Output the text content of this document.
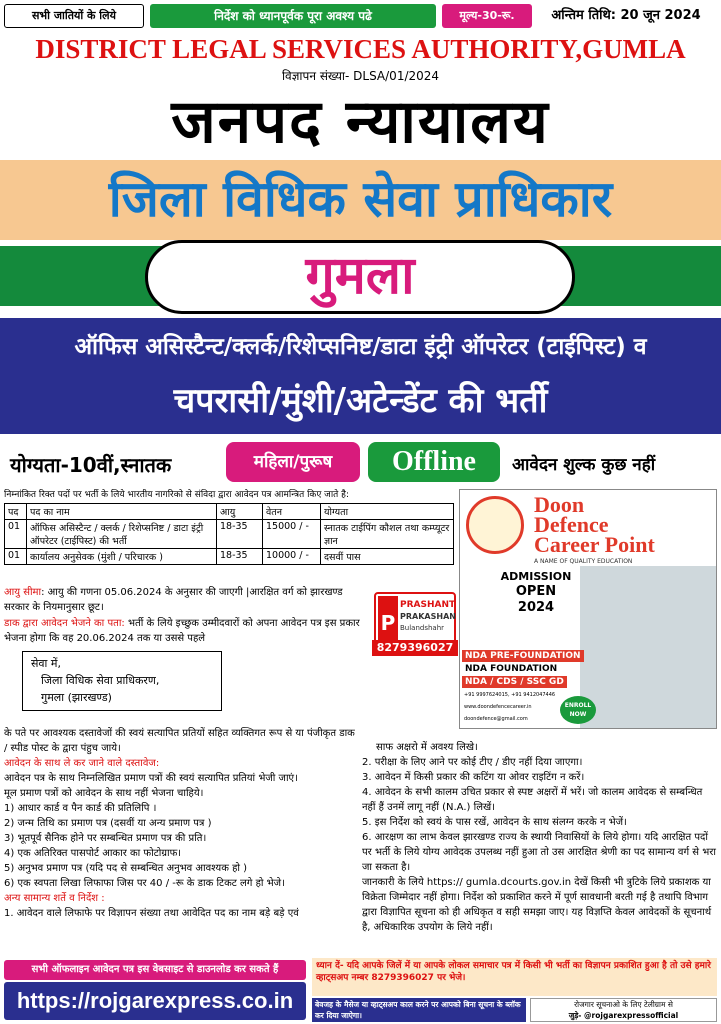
सभी जातियों के लिये	निर्देश को ध्यानपूर्वक पूरा अवश्य पढे	मूल्य-30-रू.	अन्तिम तिथि: 20 जून 2024
DISTRICT LEGAL SERVICES AUTHORITY,GUMLA
विज्ञापन संख्या- DLSA/01/2024
जनपद न्यायालय
जिला विधिक सेवा प्राधिकार
गुमला
ऑफिस असिस्टैन्ट/क्लर्क/रिशेप्सनिष्ट/डाटा इंट्री ऑपरेटर (टाईपिस्ट) व
चपरासी/मुंशी/अटेन्डेंट की भर्ती
योग्यता-10वीं,स्नातक	महिला/पुरूष	Offline	आवेदन शुल्क कुछ नहीं
निम्नांकित रिक्त पदों पर भर्ती के लिये भारतीय नागरिको से संविदा द्वारा आवेदन पत्र आमन्त्रित किए जाते है:
पद	पद का नाम	आयु	वेतन	योग्यता
01	ऑफिस असिस्टैन्ट / क्लर्क / रिशेप्सनिष्ट / डाटा इंट्री ऑपरेटर (टाईपिस्ट) की भर्ती	18-35	15000 / -	स्नातक टाईपिंग कौशल तथा कम्प्यूटर ज्ञान
01	कार्यालय अनुसेवक (मुंशी / परिचारक )	18-35	10000 / -	दसवीं पास
आयु सीमा: आयु की गणना 05.06.2024 के अनुसार की जाएगी |आरक्षित वर्ग को झारखण्ड सरकार के नियमानुसार छूट।
डाक द्वारा आवेदन भेजने का पता: भर्ती के लिये इच्छुक उम्मीदवारों को अपना आवेदन पत्र इस प्रकार भेजना होगा कि वह 20.06.2024 तक या उससे पहले
सेवा में,
जिला विधिक सेवा प्राधिकरण,
गुमला (झारखण्ड)
P
PRASHANT
PRAKASHAN
Bulandshahr
8279396027
Doon
Defence
Career Point
A NAME OF QUALITY EDUCATION
ADMISSION
OPEN
2024
NDA PRE-FOUNDATION
NDA FOUNDATION
NDA / CDS / SSC GD
+91 9997624015, +91 9412047446
www.doondefencecareer.in
doondefence@gmail.com
ENROLL NOW
के पते पर आवश्यक दस्तावेजों की स्वयं सत्यापित प्रतियों सहित व्यक्तिगत रूप से या पंजीकृत डाक / स्पीड पोस्ट के द्वारा पंहुच जाये।
आवेदन के साथ ले कर जाने वाले दस्तावेज:
आवेदन पत्र के साथ निम्नलिखित प्रमाण पत्रों की स्वयं सत्यापित प्रतियां भेजी जाएं।
मूल प्रमाण पत्रों को आवेदन के साथ नहीं भेजना चाहिये।
1) आधार कार्ड व पैन कार्ड की प्रतिलिपि ।
2) जन्म तिथि का प्रमाण पत्र (दसवीं या अन्य प्रमाण पत्र )
3) भूतपूर्व सैनिक होने पर सम्बन्धित प्रमाण पत्र की प्रति।
4) एक अतिरिक्त पासपोर्ट आकार का फोटोग्राफ।
5) अनुभव प्रमाण पत्र (यदि पद से सम्बन्धित अनुभव आवश्यक हो )
6) एक स्वपता लिखा लिफाफा जिस पर 40 / -रू के डाक टिकट लगे हो भेजे।
अन्य सामान्य शर्ते व निर्देश :
1. आवेदन वाले लिफाफे पर विज्ञापन संख्या तथा आवेदित पद का नाम बड़े बड़े एवं
साफ अक्षरो में अवश्य लिखे।
2. परीक्षा के लिए आने पर कोई टीए / डीए नहीं दिया जाएगा।
3. आवेदन में किसी प्रकार की कटिंग या ओवर राइटिंग न करें।
4. आवेदन के सभी कालम उचित प्रकार से स्पष्ट अक्षरों में भरें। जो कालम आवेदक से सम्बन्धित नहीं हैं उनमें लागू नहीं (N.A.) लिखें।
5. इस निर्देश को स्वयं के पास रखें, आवेदन के साथ संलग्न करके न भेजें।
6. आरक्षण का लाभ केवल झारखण्ड राज्य के स्थायी निवासियों के लिये होगा। यदि आरक्षित पदों पर भर्ती के लिये योग्य आवेदक उपलब्ध नहीं हुआ तो उस आरक्षित श्रेणी का पद सामान्य वर्ग से भरा जा सकता है।
जानकारी के लिये https:// gumla.dcourts.gov.in देखें किसी भी त्रुटिके लिये प्रकाशक या विक्रेता जिम्मेदार नहीं होगा। निर्देश को प्रकाशित करने में पूर्ण सावधानी बरती गई है तथापि विभाग द्वारा विज्ञापित सूचना को ही अधिकृत व सही समझा जाए। यह विज्ञप्ति केवल आवेदकों के सूचनार्थ है, अधिकारिक उपयोग के लिये नहीं।
सभी ऑफलाइन आवेदन पत्र इस वेबसाइट से डाउनलोड कर सकते हैं
https://rojgarexpress.co.in
ध्यान दें- यदि आपके जिलें में या आपके लोकल समाचार पत्र में किसी भी भर्ती का विज्ञापन प्रकाशित हुआ है तो उसे हमारे व्हाट्सअप नम्बर 8279396027 पर भेजे।
बेवजह के मैसेज या व्हाट्सअप काल करने पर आपको बिना सूचना के ब्लॉक कर दिया जाऐगा।
रोजगार सूचनाओ के लिए टेलीग्राम से
जुड़े- @rojgarexpressofficial
